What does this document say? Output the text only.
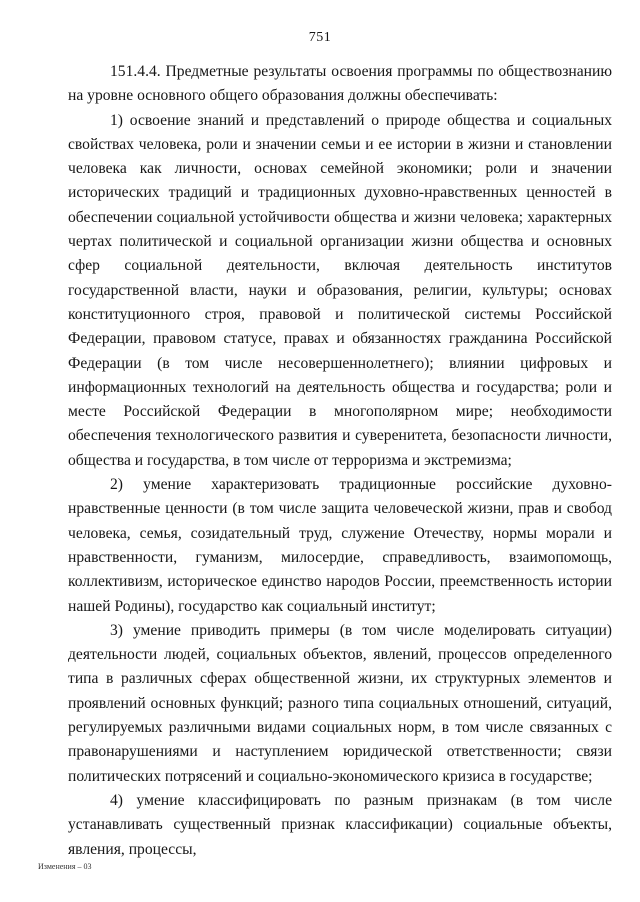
751

151.4.4. Предметные результаты освоения программы по обществознанию на уровне основного общего образования должны обеспечивать:

1) освоение знаний и представлений о природе общества и социальных свойствах человека, роли и значении семьи и ее истории в жизни и становлении человека как личности, основах семейной экономики; роли и значении исторических традиций и традиционных духовно-нравственных ценностей в обеспечении социальной устойчивости общества и жизни человека; характерных чертах политической и социальной организации жизни общества и основных сфер социальной деятельности, включая деятельность институтов государственной власти, науки и образования, религии, культуры; основах конституционного строя, правовой и политической системы Российской Федерации, правовом статусе, правах и обязанностях гражданина Российской Федерации (в том числе несовершеннолетнего); влиянии цифровых и информационных технологий на деятельность общества и государства; роли и месте Российской Федерации в многополярном мире; необходимости обеспечения технологического развития и суверенитета, безопасности личности, общества и государства, в том числе от терроризма и экстремизма;

2) умение характеризовать традиционные российские духовно-нравственные ценности (в том числе защита человеческой жизни, прав и свобод человека, семья, созидательный труд, служение Отечеству, нормы морали и нравственности, гуманизм, милосердие, справедливость, взаимопомощь, коллективизм, историческое единство народов России, преемственность истории нашей Родины), государство как социальный институт;

3) умение приводить примеры (в том числе моделировать ситуации) деятельности людей, социальных объектов, явлений, процессов определенного типа в различных сферах общественной жизни, их структурных элементов и проявлений основных функций; разного типа социальных отношений, ситуаций, регулируемых различными видами социальных норм, в том числе связанных с правонарушениями и наступлением юридической ответственности; связи политических потрясений и социально-экономического кризиса в государстве;

4) умение классифицировать по разным признакам (в том числе устанавливать существенный признак классификации) социальные объекты, явления, процессы,

Изменения – 03
